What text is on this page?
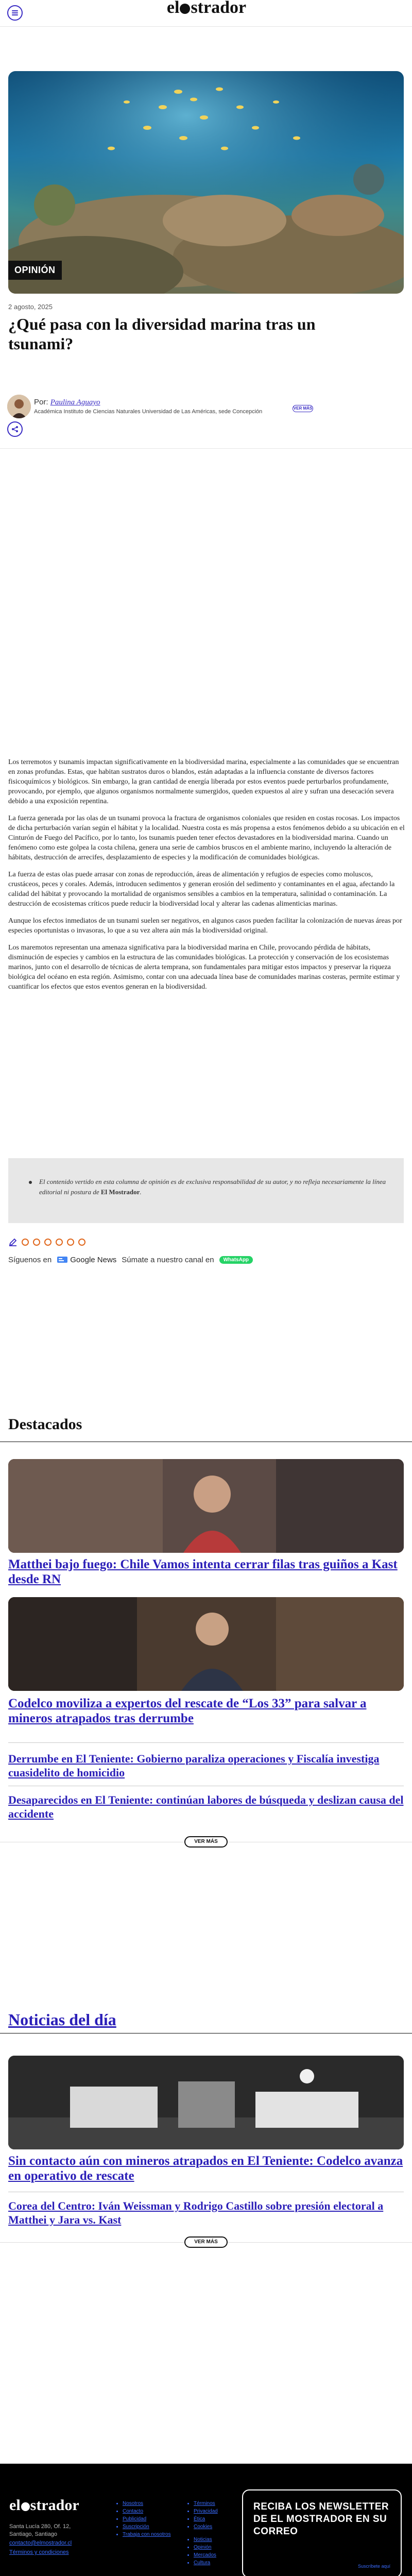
el strador
OPINIÓN
2 agosto, 2025
¿Qué pasa con la diversidad marina tras un tsunami?
Por: Paulina Aguayo
Académica Instituto de Ciencias Naturales Universidad de Las Américas, sede Concepción
VER MÁS

Los terremotos y tsunamis impactan significativamente en la biodiversidad marina, especialmente a las comunidades que se encuentran en zonas profundas. Estas, que habitan sustratos duros o blandos, están adaptadas a la influencia constante de diversos factores fisicoquímicos y biológicos. Sin embargo, la gran cantidad de energía liberada por estos eventos puede perturbarlos profundamente, provocando, por ejemplo, que algunos organismos normalmente sumergidos, queden expuestos al aire y sufran una desecación severa debido a una exposición repentina.

La fuerza generada por las olas de un tsunami provoca la fractura de organismos coloniales que residen en costas rocosas. Los impactos de dicha perturbación varían según el hábitat y la localidad. Nuestra costa es más propensa a estos fenómenos debido a su ubicación en el Cinturón de Fuego del Pacífico, por lo tanto, los tsunamis pueden tener efectos devastadores en la biodiversidad marina. Cuando un fenómeno como este golpea la costa chilena, genera una serie de cambios bruscos en el ambiente marino, incluyendo la alteración de hábitats, destrucción de arrecifes, desplazamiento de especies y la modificación de comunidades biológicas.

La fuerza de estas olas puede arrasar con zonas de reproducción, áreas de alimentación y refugios de especies como moluscos, crustáceos, peces y corales. Además, introducen sedimentos y generan erosión del sedimento y contaminantes en el agua, afectando la calidad del hábitat y provocando la mortalidad de organismos sensibles a cambios en la temperatura, salinidad o contaminación. La destrucción de ecosistemas críticos puede reducir la biodiversidad local y alterar las cadenas alimenticias marinas.

Aunque los efectos inmediatos de un tsunami suelen ser negativos, en algunos casos pueden facilitar la colonización de nuevas áreas por especies oportunistas o invasoras, lo que a su vez altera aún más la biodiversidad original.

Los maremotos representan una amenaza significativa para la biodiversidad marina en Chile, provocando pérdida de hábitats, disminución de especies y cambios en la estructura de las comunidades biológicas. La protección y conservación de los ecosistemas marinos, junto con el desarrollo de técnicas de alerta temprana, son fundamentales para mitigar estos impactos y preservar la riqueza biológica del océano en esta región. Asimismo, contar con una adecuada línea base de comunidades marinas costeras, permite estimar y cuantificar los efectos que estos eventos generan en la biodiversidad.

El contenido vertido en esta columna de opinión es de exclusiva responsabilidad de su autor, y no refleja necesariamente la línea editorial ni postura de El Mostrador.
Síguenos en Google News Súmate a nuestro canal en	WhatsApp
Destacados
Matthei bajo fuego: Chile Vamos intenta cerrar filas tras guiños a Kast desde RN
Codelco moviliza a expertos del rescate de “Los 33” para salvar a mineros atrapados tras derrumbe
Derrumbe en El Teniente: Gobierno paraliza operaciones y Fiscalía investiga cuasidelito de homicidio
Desaparecidos en El Teniente: continúan labores de búsqueda y deslizan causa del accidente
VER MÁS
Noticias del día
Sin contacto aún con mineros atrapados en El Teniente: Codelco avanza en operativo de rescate
Corea del Centro: Iván Weissman y Rodrigo Castillo sobre presión electoral a Matthei y Jara vs. Kast
VER MÁS
el strador
Santa Lucía 280, Of. 12,
Santiago, Santiago
contacto@elmostrador.cl
Términos y condiciones
• Nosotros
• Contacto
• Publicidad
• Suscripción
• Trabaja con nosotros
• Términos
• Privacidad
• Ética
• Cookies
• Noticias
• Opinión
• Mercados
• Cultura
RECIBA LOS NEWSLETTER DE EL MOSTRADOR EN SU CORREO
Suscríbete aquí
